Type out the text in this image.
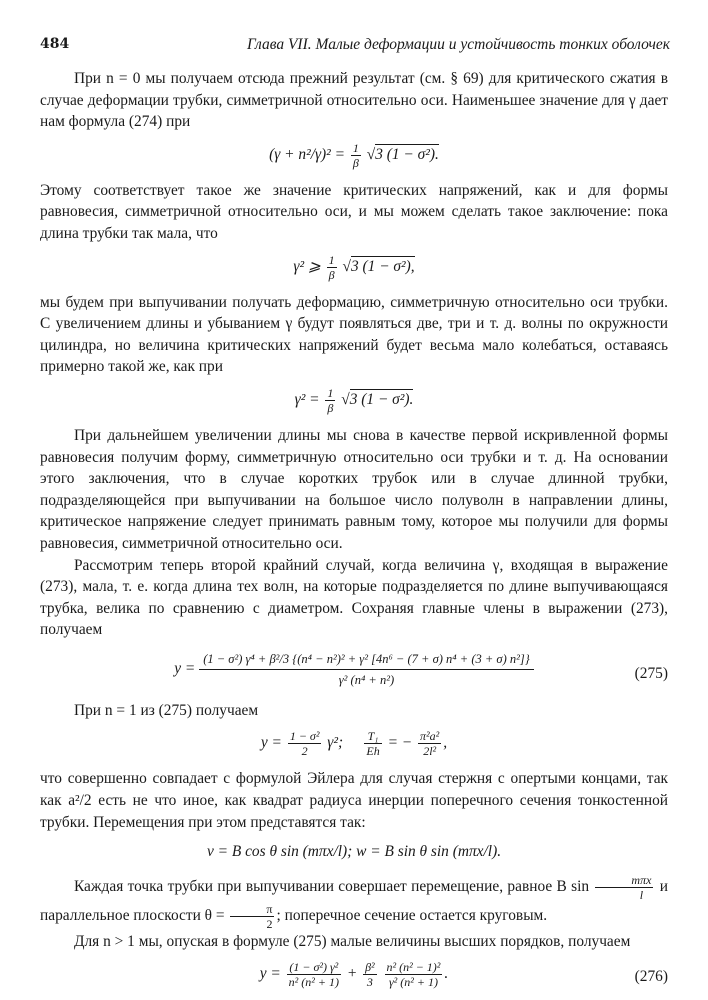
484	Глава VII. Малые деформации и устойчивость тонких оболочек

При n = 0 мы получаем отсюда прежний результат (см. § 69) для критического сжатия в случае деформации трубки, симметричной относительно оси. Наименьшее значение для γ дает нам формула (274) при

$(\gamma + n^2/\gamma)^2 = \frac{1}{\beta} √3$ (1 − σ²).

Этому соответствует такое же значение критических напряжений, как и для формы равновесия, симметричной относительно оси, и мы можем сделать такое заключение: пока длина трубки так мала, что

γ² ⩾ $\frac{1}{\beta} √3$ (1 − σ²),

мы будем при выпучивании получать деформацию, симметричную относительно оси трубки. С увеличением длины и убыванием γ будут появляться две, три и т. д. волны по окружности цилиндра, но величина критических напряжений будет весьма мало колебаться, оставаясь примерно такой же, как при

$\gamma^2 = \frac{1}{\beta} √3$ (1 − σ²).

При дальнейшем увеличении длины мы снова в качестве первой искривленной формы равновесия получим форму, симметричную относительно оси трубки и т. д. На основании этого заключения, что в случае коротких трубок или в случае длинной трубки, подразделяющейся при выпучивании на большое число полуволн в направлении длины, критическое напряжение следует принимать равным тому, которое мы получили для формы равновесия, симметричной относительно оси.

Рассмотрим теперь второй крайний случай, когда величина γ, входящая в выражение (273), мала, т. е. когда длина тех волн, на которые подразделяется по длине выпучивающаяся трубка, велика по сравнению с диаметром. Сохраняя главные члены в выражении (273), получаем

y =
(1 − σ²) γ⁴ + β²/3 {(n⁴ − n²)² + γ² [4n⁶ − (7 + σ) n⁴ + (3 + σ) n²]}
γ² (n⁴ + n²)	(275)

При n = 1 из (275) получаем

$y = \frac{\text{1 − σ²}}{2} \gamma^2$; $\frac{\text{T₁}}{Eh}$ = − $\frac{\text{π²a²}}{\text{2l²}}$ ,

что совершенно совпадает с формулой Эйлера для случая стержня с опертыми концами, так как a²/2 есть не что иное, как квадрат радиуса инерции поперечного сечения тонкостенной трубки. Перемещения при этом представятся так:

v = B cos θ sin (mπx/l); w = B sin θ sin (mπx/l).

Каждая точка трубки при выпучивании совершает перемещение, равное B $\sin \frac{\text{mπx}}{l}$ и параллельное плоскости $\theta = \frac{\pi}{2}$ ; поперечное сечение остается круговым.

Для n > 1 мы, опуская в формуле (275) малые величины высших порядков, получаем

$y = \frac{\text{(1 − σ²) γ²}}{\text{n² (n² + 1)}} + \frac{\text{β²}}{3}$
$\frac{\text{n² (n² − 1)²}}{\text{γ² (n² + 1)}}$ .	(276)
